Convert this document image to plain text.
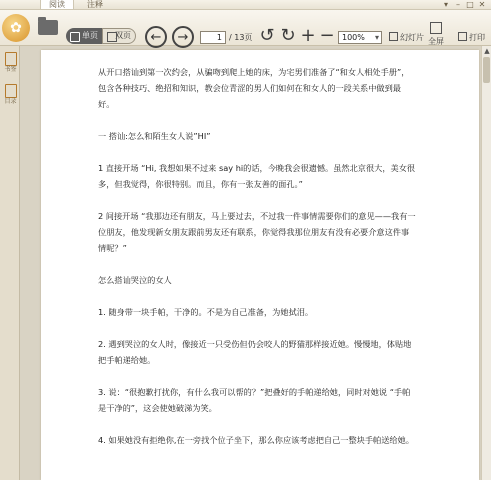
阅读	注释	▾	– □ ✕
✿	单页	双页	←	→	1 / 13页 ↺ ↻ + − 100% ▾	幻灯片 全屏	打印
书签
目录

从开口搭讪到第一次约会，从骗吻到爬上她的床，为宅男们准备了“和女人相处手册”，包含各种技巧、绝招和知识，教会位青涩的男人们如何在和女人的一段关系中做到最好。

一 搭讪:怎么和陌生女人说”HI”

1 直接开场 “Hi, 我想如果不过来 say hi的话，今晚我会很遗憾。虽然北京很大，美女很多，但我觉得，你很特别。而且，你有一张友善的面孔。”

2 间接开场 “我那边还有朋友，马上要过去，不过我一件事情需要你们的意见——我有一位朋友，他发现新女朋友跟前男友还有联系，你觉得我那位朋友有没有必要介意这件事情呢？”

怎么搭讪哭泣的女人

1. 随身带一块手帕，干净的。不是为自己准备，为她拭泪。

2. 遇到哭泣的女人时，像接近一只受伤但仍会咬人的野猫那样接近她。慢慢地，体贴地把手帕递给她。

3. 说：“很抱歉打扰你，有什么我可以帮的？”把叠好的手帕递给她，同时对她说 “手帕是干净的”，这会使她破涕为笑。

4. 如果她没有拒绝你,在一旁找个位子坐下，那么你应该考虑把自己一整块手帕送给她。

▲
